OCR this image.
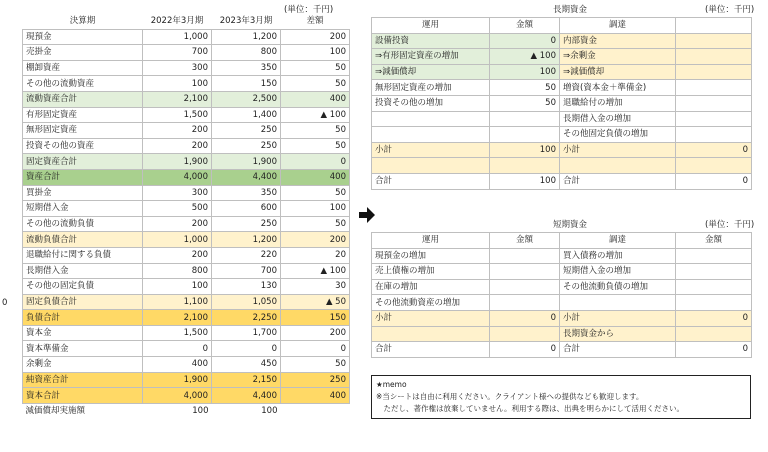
(単位：千円)
決算期	2022年3月期	2023年3月期	差額
現預金	1,000	1,200	200
売掛金	700	800	100
棚卸資産	300	350	50
その他の流動資産	100	150	50
流動資産合計	2,100	2,500	400
有形固定資産	1,500	1,400	▲ 100
無形固定資産	200	250	50
投資その他の資産	200	250	50
固定資産合計	1,900	1,900	0
資産合計	4,000	4,400	400
買掛金	300	350	50
短期借入金	500	600	100
その他の流動負債	200	250	50
流動負債合計	1,000	1,200	200
退職給付に関する負債	200	220	20
長期借入金	800	700	▲ 100
その他の固定負債	100	130	30
固定負債合計	1,100	1,050	▲ 50
負債合計	2,100	2,250	150
資本金	1,500	1,700	200
資本準備金	0	0	0
余剰金	400	450	50
純資産合計	1,900	2,150	250
資本合計	4,000	4,400	400
減価償却実施額	100	100	
0
長期資金	(単位：千円)
運用	金額	調達	
設備投資	0	内部資金	
⇒有形固定資産の増加	▲ 100	⇒余剰金	
⇒減価償却	100	⇒減価償却	
無形固定資産の増加	50	増資(資本金＋準備金)	
投資その他の増加	50	退職給付の増加	
		長期借入金の増加	
		その他固定負債の増加	
小計	100	小計	0

合計	100	合計	0
短期資金	(単位：千円)
運用	金額	調達	金額
現預金の増加		買入債務の増加	
売上債権の増加		短期借入金の増加	
在庫の増加		その他流動負債の増加	
その他流動資産の増加			
小計	0	小計	0
		長期資金から	
合計	0	合計	0
★memo
※当シートは自由に利用ください。クライアント様への提供なども歓迎します。
　ただし、著作権は放棄していません。利用する際は、出典を明らかにして活用ください。
